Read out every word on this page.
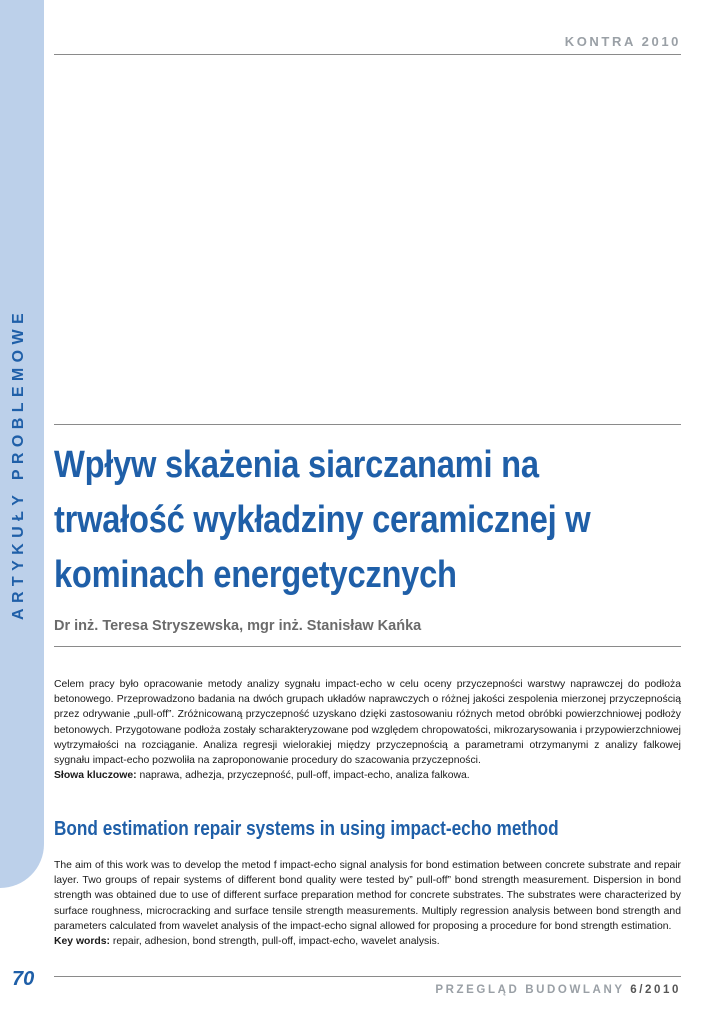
ARTYKUŁY PROBLEMOWE
KONTRA 2010
Wpływ skażenia siarczanami na trwałość wykładziny ceramicznej w kominach energetycznych
Dr inż. Teresa Stryszewska, mgr inż. Stanisław Kańka
Celem pracy było opracowanie metody analizy sygnału impact-echo w celu oceny przyczepności warstwy naprawczej do podłoża betonowego. Przeprowadzono badania na dwóch grupach układów naprawczych o różnej jakości zespolenia mierzonej przyczepnością przez odrywanie „pull-off”. Zróżnicowaną przyczepność uzyskano dzięki zastosowaniu różnych metod obróbki powierzchniowej podłoży betonowych. Przygotowane podłoża zostały scharakteryzowane pod względem chropowatości, mikrozarysowania i przypowierzchniowej wytrzymałości na rozciąganie. Analiza regresji wielorakiej między przyczepnością a parametrami otrzymanymi z analizy falkowej sygnału impact-echo pozwoliła na zaproponowanie procedury do szacowania przyczepności.
Słowa kluczowe: naprawa, adhezja, przyczepność, pull-off, impact-echo, analiza falkowa.
Bond estimation repair systems in using impact-echo method
The aim of this work was to develop the metod f impact-echo signal analysis for bond estimation between concrete substrate and repair layer. Two groups of repair systems of different bond quality were tested by” pull-off” bond strength measurement. Dispersion in bond strength was obtained due to use of different surface preparation method for concrete substrates. The substrates were characterized by surface roughness, microcracking and surface tensile strength measurements. Multiply regression analysis between bond strength and parameters calculated from wavelet analysis of the impact-echo signal allowed for proposing a procedure for bond strength estimation.
Key words: repair, adhesion, bond strength, pull-off, impact-echo, wavelet analysis.
70	PRZEGLĄD BUDOWLANY 6/2010
